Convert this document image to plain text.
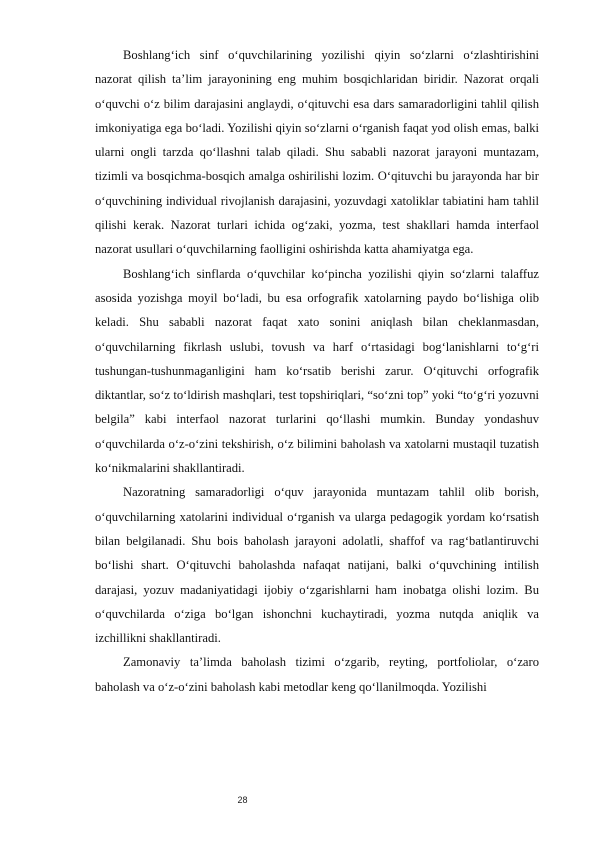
Boshlang‘ich sinf o‘quvchilarining yozilishi qiyin so‘zlarni o‘zlashtirishini nazorat qilish ta’lim jarayonining eng muhim bosqichlaridan biridir. Nazorat orqali o‘quvchi o‘z bilim darajasini anglaydi, o‘qituvchi esa dars samaradorligini tahlil qilish imkoniyatiga ega bo‘ladi. Yozilishi qiyin so‘zlarni o‘rganish faqat yod olish emas, balki ularni ongli tarzda qo‘llashni talab qiladi. Shu sababli nazorat jarayoni muntazam, tizimli va bosqichma-bosqich amalga oshirilishi lozim. O‘qituvchi bu jarayonda har bir o‘quvchining individual rivojlanish darajasini, yozuvdagi xatoliklar tabiatini ham tahlil qilishi kerak. Nazorat turlari ichida og‘zaki, yozma, test shakllari hamda interfaol nazorat usullari o‘quvchilarning faolligini oshirishda katta ahamiyatga ega.

Boshlang‘ich sinflarda o‘quvchilar ko‘pincha yozilishi qiyin so‘zlarni talaffuz asosida yozishga moyil bo‘ladi, bu esa orfografik xatolarning paydo bo‘lishiga olib keladi. Shu sababli nazorat faqat xato sonini aniqlash bilan cheklanmasdan, o‘quvchilarning fikrlash uslubi, tovush va harf o‘rtasidagi bog‘lanishlarni to‘g‘ri tushungan-tushunmaganligini ham ko‘rsatib berishi zarur. O‘qituvchi orfografik diktantlar, so‘z to‘ldirish mashqlari, test topshiriqlari, “so‘zni top” yoki “to‘g‘ri yozuvni belgila” kabi interfaol nazorat turlarini qo‘llashi mumkin. Bunday yondashuv o‘quvchilarda o‘z-o‘zini tekshirish, o‘z bilimini baholash va xatolarni mustaqil tuzatish ko‘nikmalarini shakllantiradi.

Nazoratning samaradorligi o‘quv jarayonida muntazam tahlil olib borish, o‘quvchilarning xatolarini individual o‘rganish va ularga pedagogik yordam ko‘rsatish bilan belgilanadi. Shu bois baholash jarayoni adolatli, shaffof va rag‘batlantiruvchi bo‘lishi shart. O‘qituvchi baholashda nafaqat natijani, balki o‘quvchining intilish darajasi, yozuv madaniyatidagi ijobiy o‘zgarishlarni ham inobatga olishi lozim. Bu o‘quvchilarda o‘ziga bo‘lgan ishonchni kuchaytiradi, yozma nutqda aniqlik va izchillikni shakllantiradi.

Zamonaviy ta’limda baholash tizimi o‘zgarib, reyting, portfoliolar, o‘zaro baholash va o‘z-o‘zini baholash kabi metodlar keng qo‘llanilmoqda. Yozilishi

28
